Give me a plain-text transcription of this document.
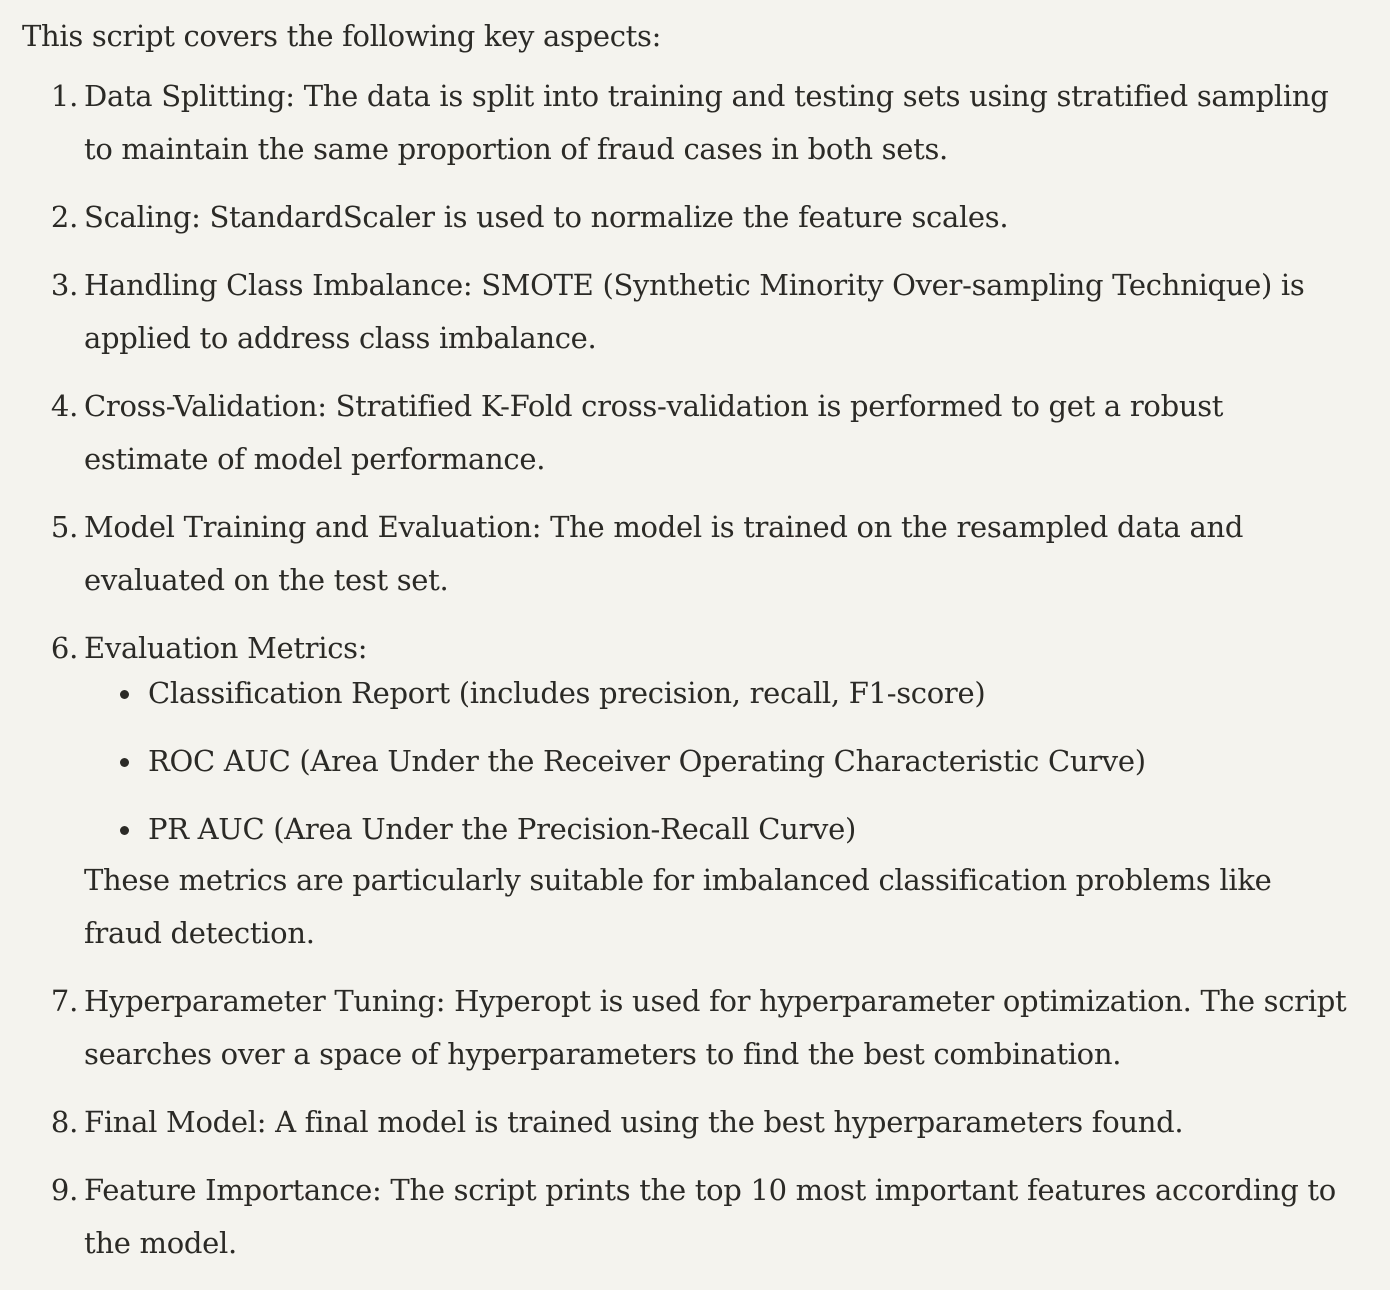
This script covers the following key aspects:

1. Data Splitting: The data is split into training and testing sets using stratified sampling to maintain the same proportion of fraud cases in both sets.
2. Scaling: StandardScaler is used to normalize the feature scales.
3. Handling Class Imbalance: SMOTE (Synthetic Minority Over-sampling Technique) is applied to address class imbalance.
4. Cross-Validation: Stratified K-Fold cross-validation is performed to get a robust estimate of model performance.
5. Model Training and Evaluation: The model is trained on the resampled data and evaluated on the test set.
6. Evaluation Metrics:
Classification Report (includes precision, recall, F1-score)
ROC AUC (Area Under the Receiver Operating Characteristic Curve)
PR AUC (Area Under the Precision-Recall Curve)
These metrics are particularly suitable for imbalanced classification problems like fraud detection.
7. Hyperparameter Tuning: Hyperopt is used for hyperparameter optimization. The script searches over a space of hyperparameters to find the best combination.
8. Final Model: A final model is trained using the best hyperparameters found.
9. Feature Importance: The script prints the top 10 most important features according to the model.
